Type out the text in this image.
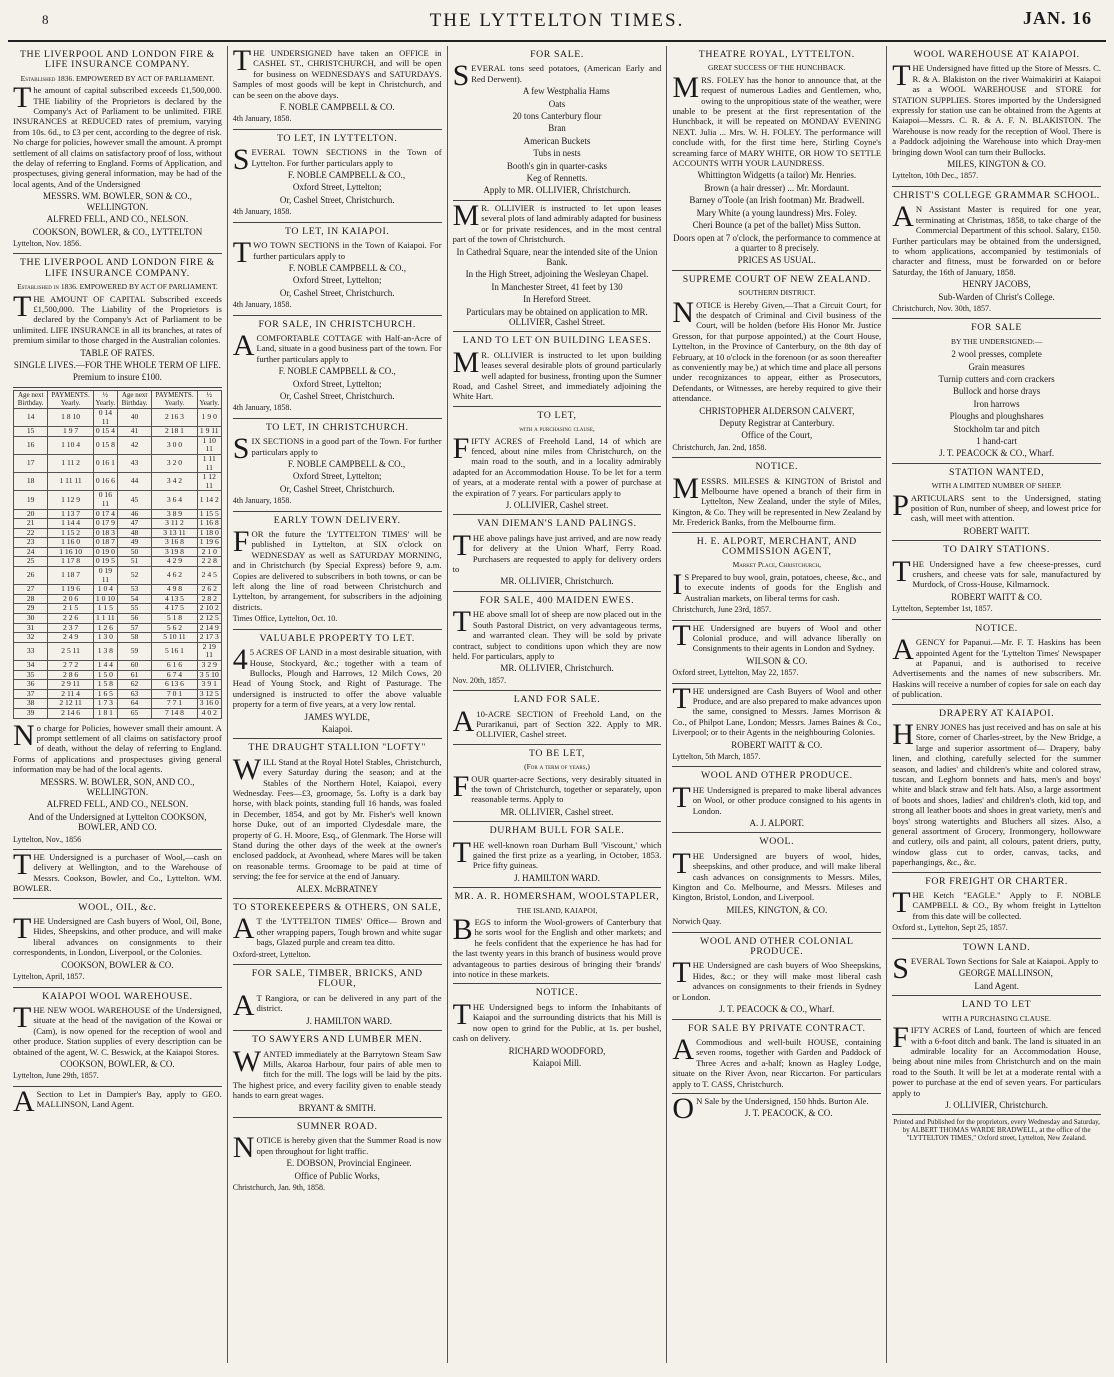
8	THE LYTTELTON TIMES.	JAN. 16
THE LIVERPOOL AND LONDON FIRE & LIFE INSURANCE COMPANY.
Established 1836. EMPOWERED BY ACT OF PARLIAMENT.

The amount of capital subscribed exceeds £1,500,000. THE liability of the Proprietors is declared by the Company's Act of Parliament to be unlimited. FIRE INSURANCES at REDUCED rates of premium, varying from 10s. 6d., to £3 per cent, according to the degree of risk. No charge for policies, however small the amount. A prompt settlement of all claims on satisfactory proof of loss, without the delay of referring to England. Forms of Application, and prospectuses, giving general information, may be had of the local agents, And of the Undersigned

MESSRS. WM. BOWLER, SON & CO., WELLINGTON.
ALFRED FELL, AND CO., NELSON.
COOKSON, BOWLER, & CO., LYTTELTON
Lyttelton, Nov. 1856.
THE LIVERPOOL AND LONDON FIRE & LIFE INSURANCE COMPANY.
Established in 1836. EMPOWERED BY ACT OF PARLIAMENT.

THE AMOUNT OF CAPITAL Subscribed exceeds £1,500,000. The Liability of the Proprietors is declared by the Company's Act of Parliament to be unlimited. LIFE INSURANCE in all its branches, at rates of premium similar to those charged in the Australian colonies.

TABLE OF RATES.
SINGLE LIVES.—FOR THE WHOLE TERM OF LIFE.
Premium to insure £100.
Age next Birthday.	PAYMENTS. Yearly.	½ Yearly.	Age next Birthday.	PAYMENTS. Yearly.	½ Yearly.
14	1 8 10	0 14 11	40	2 16 3	1 9 0
15	1 9 7	0 15 4	41	2 18 1	1 9 11
16	1 10 4	0 15 8	42	3 0 0	1 10 11
17	1 11 2	0 16 1	43	3 2 0	1 11 11
18	1 11 11	0 16 6	44	3 4 2	1 12 11
19	1 12 9	0 16 11	45	3 6 4	1 14 2
20	1 13 7	0 17 4	46	3 8 9	1 15 5
21	1 14 4	0 17 9	47	3 11 2	1 16 8
22	1 15 2	0 18 3	48	3 13 11	1 18 0
23	1 16 0	0 18 7	49	3 16 8	1 19 6
24	1 16 10	0 19 0	50	3 19 8	2 1 0
25	1 17 8	0 19 5	51	4 2 9	2 2 8
26	1 18 7	0 19 11	52	4 6 2	2 4 5
27	1 19 6	1 0 4	53	4 9 8	2 6 2
28	2 0 6	1 0 10	54	4 13 5	2 8 2
29	2 1 5	1 1 5	55	4 17 5	2 10 2
30	2 2 6	1 1 11	56	5 1 8	2 12 5
31	2 3 7	1 2 6	57	5 6 2	2 14 9
32	2 4 9	1 3 0	58	5 10 11	2 17 3
33	2 5 11	1 3 8	59	5 16 1	2 19 11
34	2 7 2	1 4 4	60	6 1 6	3 2 9
35	2 8 6	1 5 0	61	6 7 4	3 5 10
36	2 9 11	1 5 8	62	6 13 6	3 9 1
37	2 11 4	1 6 5	63	7 0 1	3 12 5
38	2 12 11	1 7 3	64	7 7 1	3 16 0
39	2 14 6	1 8 1	65	7 14 8	4 0 2

No charge for Policies, however small their amount. A prompt settlement of all claims on satisfactory proof of death, without the delay of referring to England. Forms of applications and prospectuses giving general information may be had of the local agents.

MESSRS. W. BOWLER, SON, AND CO., WELLINGTON.
ALFRED FELL, AND CO., NELSON.
And of the Undersigned at Lyttelton COOKSON, BOWLER, AND CO.
Lyttelton, Nov., 1856

THE Undersigned is a purchaser of Wool,—cash on delivery at Wellington, and to the Warehouse of Messrs. Cookson, Bowler, and Co., Lyttelton. WM. BOWLER.

WOOL, OIL, &c.

THE Undersigned are Cash buyers of Wool, Oil, Bone, Hides, Sheepskins, and other produce, and will make liberal advances on consignments to their correspondents, in London, Liverpool, or the Colonies.

COOKSON, BOWLER & CO.
Lyttelton, April, 1857.
KAIAPOI WOOL WAREHOUSE.

THE NEW WOOL WAREHOUSE of the Undersigned, situate at the head of the navigation of the Kowai or (Cam), is now opened for the reception of wool and other produce. Station supplies of every description can be obtained of the agent, W. C. Beswick, at the Kaiapoi Stores.

COOKSON, BOWLER, & CO.
Lyttelton, June 29th, 1857.

ASection to Let in Dampier's Bay, apply to GEO. MALLINSON, Land Agent.

THE UNDERSIGNED have taken an OFFICE in CASHEL ST., CHRISTCHURCH, and will be open for business on WEDNESDAYS and SATURDAYS. Samples of most goods will be kept in Christchurch, and can be seen on the above days.

F. NOBLE CAMPBELL & CO.
4th January, 1858.
TO LET, IN LYTTELTON.

SEVERAL TOWN SECTIONS in the Town of Lyttelton. For further particulars apply to

F. NOBLE CAMPBELL & CO.,
Oxford Street, Lyttelton;
Or, Cashel Street, Christchurch.
4th January, 1858.
TO LET, IN KAIAPOI.

TWO TOWN SECTIONS in the Town of Kaiapoi. For further particulars apply to

F. NOBLE CAMPBELL & CO.,
Oxford Street, Lyttelton;
Or, Cashel Street, Christchurch.
4th January, 1858.
FOR SALE, IN CHRISTCHURCH.

ACOMFORTABLE COTTAGE with Half-an-Acre of Land, situate in a good business part of the town. For further particulars apply to

F. NOBLE CAMPBELL & CO.,
Oxford Street, Lyttelton;
Or, Cashel Street, Christchurch.
4th January, 1858.
TO LET, IN CHRISTCHURCH.

SIX SECTIONS in a good part of the Town. For further particulars apply to

F. NOBLE CAMPBELL & CO.,
Oxford Street, Lyttelton;
Or, Cashel Street, Christchurch.
4th January, 1858.
EARLY TOWN DELIVERY.

FOR the future the 'LYTTELTON TIMES' will be published in Lyttelton, at SIX o'clock on WEDNESDAY as well as SATURDAY MORNING, and in Christchurch (by Special Express) before 9, a.m. Copies are delivered to subscribers in both towns, or can be left along the line of road between Christchurch and Lyttelton, by arrangement, for subscribers in the adjoining districts.

Times Office, Lyttelton, Oct. 10.
VALUABLE PROPERTY TO LET.

45 ACRES OF LAND in a most desirable situation, with House, Stockyard, &c.; together with a team of Bullocks, Plough and Harrows, 12 Milch Cows, 20 Head of Young Stock, and Right of Pasturage. The undersigned is instructed to offer the above valuable property for a term of five years, at a very low rental.

JAMES WYLDE,
Kaiapoi.
THE DRAUGHT STALLION "LOFTY"

WILL Stand at the Royal Hotel Stables, Christchurch, every Saturday during the season; and at the Stables of the Northern Hotel, Kaiapoi, every Wednesday. Fees—£3, groomage, 5s. Lofty is a dark bay horse, with black points, standing full 16 hands, was foaled in December, 1854, and got by Mr. Fisher's well known horse Duke, out of an imported Clydesdale mare, the property of G. H. Moore, Esq., of Glenmark. The Horse will Stand during the other days of the week at the owner's enclosed paddock, at Avonhead, where Mares will be taken on reasonable terms. Groomage to be paid at time of serving; the fee for service at the end of January.

ALEX. McBRATNEY
TO STOREKEEPERS & OTHERS, ON SALE,

AT the 'LYTTELTON TIMES' Office— Brown and other wrapping papers, Tough brown and white sugar bags, Glazed purple and cream tea ditto.

Oxford-street, Lyttelton.
FOR SALE, TIMBER, BRICKS, AND FLOUR,

AT Rangiora, or can be delivered in any part of the district.

J. HAMILTON WARD.
TO SAWYERS AND LUMBER MEN.

WANTED immediately at the Barrytown Steam Saw Mills, Akaroa Harbour, four pairs of able men to fitch for the mill. The logs will be laid by the pits. The highest price, and every facility given to enable steady hands to earn great wages.

BRYANT & SMITH.
SUMNER ROAD.

NOTICE is hereby given that the Summer Road is now open throughout for light traffic.

E. DOBSON, Provincial Engineer.
Office of Public Works,
Christchurch, Jan. 9th, 1858.
FOR SALE.

SEVERAL tons seed potatoes, (American Early and Red Derwent).

A few Westphalia Hams
Oats
20 tons Canterbury flour
Bran
American Buckets
Tubs in nests
Booth's gin in quarter-casks
Keg of Rennetts.
Apply to MR. OLLIVIER, Christchurch.

MR. OLLIVIER is instructed to let upon leases several plots of land admirably adapted for business or for private residences, and in the most central part of the town of Christchurch.

In Cathedral Square, near the intended site of the Union Bank.
In the High Street, adjoining the Wesleyan Chapel.
In Manchester Street, 41 feet by 130
In Hereford Street.
Particulars may be obtained on application to MR. OLLIVIER, Cashel Street.
LAND TO LET ON BUILDING LEASES.

MR. OLLIVIER is instructed to let upon building leases several desirable plots of ground particularly well adapted for business, fronting upon the Sumner Road, and Cashel Street, and immediately adjoining the White Hart.

TO LET,
with a purchasing clause,

FIFTY ACRES of Freehold Land, 14 of which are fenced, about nine miles from Christchurch, on the main road to the south, and in a locality admirably adapted for an Accommodation House. To be let for a term of years, at a moderate rental with a power of purchase at the expiration of 7 years. For particulars apply to

J. OLLIVIER, Cashel street.
VAN DIEMAN'S LAND PALINGS.

THE above palings have just arrived, and are now ready for delivery at the Union Wharf, Ferry Road. Purchasers are requested to apply for delivery orders to

MR. OLLIVIER, Christchurch.
FOR SALE, 400 MAIDEN EWES.

THE above small lot of sheep are now placed out in the South Pastoral District, on very advantageous terms, and warranted clean. They will be sold by private contract, subject to conditions upon which they are now held. For particulars, apply to

MR. OLLIVIER, Christchurch.
Nov. 20th, 1857.
LAND FOR SALE.

A10-ACRE SECTION of Freehold Land, on the Purarikanui, part of Section 322. Apply to MR. OLLIVIER, Cashel street.

TO BE LET,
(For a term of years,)

FOUR quarter-acre Sections, very desirably situated in the town of Christchurch, together or separately, upon reasonable terms. Apply to

MR. OLLIVIER, Cashel street.
DURHAM BULL FOR SALE.

THE well-known roan Durham Bull 'Viscount,' which gained the first prize as a yearling, in October, 1853. Price fifty guineas.

J. HAMILTON WARD.
MR. A. R. HOMERSHAM, WOOLSTAPLER,
THE ISLAND, KAIAPOI,

BEGS to inform the Wool-growers of Canterbury that he sorts wool for the English and other markets; and he feels confident that the experience he has had for the last twenty years in this branch of business would prove advantageous to parties desirous of bringing their 'brands' into notice in these markets.

NOTICE.

THE Undersigned begs to inform the Inhabitants of Kaiapoi and the surrounding districts that his Mill is now open to grind for the Public, at 1s. per bushel, cash on delivery.

RICHARD WOODFORD,
Kaiapoi Mill.
THEATRE ROYAL, LYTTELTON.
GREAT SUCCESS OF THE HUNCHBACK.

MRS. FOLEY has the honor to announce that, at the request of numerous Ladies and Gentlemen, who, owing to the unpropitious state of the weather, were unable to be present at the first representation of the Hunchback, it will be repeated on MONDAY EVENING NEXT. Julia ... Mrs. W. H. FOLEY. The performance will conclude with, for the first time here, Stirling Coyne's screaming farce of MARY WHITE, OR HOW TO SETTLE ACCOUNTS WITH YOUR LAUNDRESS.

Whittington Widgetts (a tailor) Mr. Henries.
Brown (a hair dresser) ... Mr. Mordaunt.
Barney o'Toole (an Irish footman) Mr. Bradwell.
Mary White (a young laundress) Mrs. Foley.
Cheri Bounce (a pet of the ballet) Miss Sutton.
Doors open at 7 o'clock, the performance to commence at a quarter to 8 precisely.
PRICES AS USUAL.
SUPREME COURT OF NEW ZEALAND.
SOUTHERN DISTRICT.

NOTICE is Hereby Given,—That a Circuit Court, for the despatch of Criminal and Civil business of the Court, will be holden (before His Honor Mr. Justice Gresson, for that purpose appointed,) at the Court House, Lyttelton, in the Province of Canterbury, on the 8th day of February, at 10 o'clock in the forenoon (or as soon thereafter as conveniently may be,) at which time and place all persons under recognizances to appear, either as Prosecutors, Defendants, or Witnesses, are hereby required to give their attendance.

CHRISTOPHER ALDERSON CALVERT,
Deputy Registrar at Canterbury.
Office of the Court,
Christchurch, Jan. 2nd, 1858.
NOTICE.

MESSRS. MILESES & KINGTON of Bristol and Melbourne have opened a branch of their firm in Lyttelton, New Zealand, under the style of Miles, Kington, & Co. They will be represented in New Zealand by Mr. Frederick Banks, from the Melbourne firm.

H. E. ALPORT, MERCHANT, AND COMMISSION AGENT,
Market Place, Christchurch,

IS Prepared to buy wool, grain, potatoes, cheese, &c., and to execute indents of goods for the English and Australian markets, on liberal terms for cash.

Christchurch, June 23rd, 1857.

THE Undersigned are buyers of Wool and other Colonial produce, and will advance liberally on Consignments to their agents in London and Sydney.

WILSON & CO.
Oxford street, Lyttelton, May 22, 1857.

THE undersigned are Cash Buyers of Wool and other Produce, and are also prepared to make advances upon the same, consigned to Messrs. James Morrison & Co., of Philpot Lane, London; Messrs. James Baines & Co., Liverpool; or to their Agents in the neighbouring Colonies.

ROBERT WAITT & CO.
Lyttelton, 5th March, 1857.
WOOL AND OTHER PRODUCE.

THE Undersigned is prepared to make liberal advances on Wool, or other produce consigned to his agents in London.

A. J. ALPORT.
WOOL.

THE Undersigned are buyers of wool, hides, sheepskins, and other produce, and will make liberal cash advances on consignments to Messrs. Miles, Kington and Co. Melbourne, and Messrs. Mileses and Kington, Bristol, London, and Liverpool.

MILES, KINGTON, & CO.
Norwich Quay.
WOOL AND OTHER COLONIAL PRODUCE.

THE Undersigned are cash buyers of Woo Sheepskins, Hides, &c.; or they will make most liberal cash advances on consignments to their friends in Sydney or London.

J. T. PEACOCK & CO., Wharf.
FOR SALE BY PRIVATE CONTRACT.

ACommodious and well-built HOUSE, containing seven rooms, together with Garden and Paddock of Three Acres and a-half; known as Hagley Lodge, situate on the River Avon, near Riccarton. For particulars apply to T. CASS, Christchurch.

ON Sale by the Undersigned, 150 hhds. Burton Ale.

J. T. PEACOCK, & CO.
WOOL WAREHOUSE AT KAIAPOI.

THE Undersigned have fitted up the Store of Messrs. C. R. & A. Blakiston on the river Waimakiriri at Kaiapoi as a WOOL WAREHOUSE and STORE for STATION SUPPLIES. Stores imported by the Undersigned expressly for station use can be obtained from the Agents at Kaiapoi—Messrs. C. R. & A. F. N. BLAKISTON. The Warehouse is now ready for the reception of Wool. There is a Paddock adjoining the Warehouse into which Dray-men bringing down Wool can turn their Bullocks.

MILES, KINGTON & CO.
Lyttelton, 10th Dec., 1857.
CHRIST'S COLLEGE GRAMMAR SCHOOL.

AN Assistant Master is required for one year, terminating at Christmas, 1858, to take charge of the Commercial Department of this school. Salary, £150. Further particulars may be obtained from the undersigned, to whom applications, accompanied by testimonials of character and fitness, must be forwarded on or before Saturday, the 16th of January, 1858.

HENRY JACOBS,
Sub-Warden of Christ's College.
Christchurch, Nov. 30th, 1857.
FOR SALE
BY THE UNDERSIGNED:—
2 wool presses, complete
Grain measures
Turnip cutters and corn crackers
Bullock and horse drays
Iron harrows
Ploughs and ploughshares
Stockholm tar and pitch
1 hand-cart
J. T. PEACOCK & CO., Wharf.
STATION WANTED,
WITH A LIMITED NUMBER OF SHEEP.

PARTICULARS sent to the Undersigned, stating position of Run, number of sheep, and lowest price for cash, will meet with attention.

ROBERT WAITT.
TO DAIRY STATIONS.

THE Undersigned have a few cheese-presses, curd crushers, and cheese vats for sale, manufactured by Murdock, of Cross-House, Kilmarnock.

ROBERT WAITT & CO.
Lyttelton, September 1st, 1857.
NOTICE.

AGENCY for Papanui.—Mr. F. T. Haskins has been appointed Agent for the 'Lyttelton Times' Newspaper at Papanui, and is authorised to receive Advertisements and the names of new subscribers. Mr. Haskins will receive a number of copies for sale on each day of publication.

DRAPERY AT KAIAPOI.

HENRY JONES has just received and has on sale at his Store, corner of Charles-street, by the New Bridge, a large and superior assortment of— Drapery, baby linen, and clothing, carefully selected for the summer season, and ladies' and children's white and colored straw, tuscan, and Leghorn bonnets and hats, men's and boys' white and black straw and felt hats. Also, a large assortment of boots and shoes, ladies' and children's cloth, kid top, and strong all leather boots and shoes in great variety, men's and boys' strong watertights and Bluchers all sizes. Also, a general assortment of Grocery, Ironmongery, hollowware and cutlery, oils and paint, all colours, patent driers, putty, window glass cut to order, canvas, tacks, and paperhangings, &c., &c.

FOR FREIGHT OR CHARTER.

THE Ketch "EAGLE." Apply to F. NOBLE CAMPBELL & CO., By whom freight in Lyttelton from this date will be collected.

Oxford st., Lyttelton, Sept 25, 1857.
TOWN LAND.

SEVERAL Town Sections for Sale at Kaiapoi. Apply to

GEORGE MALLINSON,
Land Agent.
LAND TO LET
WITH A PURCHASING CLAUSE.

FIFTY ACRES of Land, fourteen of which are fenced with a 6-foot ditch and bank. The land is situated in an admirable locality for an Accommodation House, being about nine miles from Christchurch and on the main road to the South. It will be let at a moderate rental with a power to purchase at the end of seven years. For particulars apply to

J. OLLIVIER, Christchurch.
Printed and Published for the proprietors, every Wednesday and Saturday, by ALBERT THOMAS WARDE BRADWELL, at the office of the "LYTTELTON TIMES," Oxford street, Lyttelton, New Zealand.
